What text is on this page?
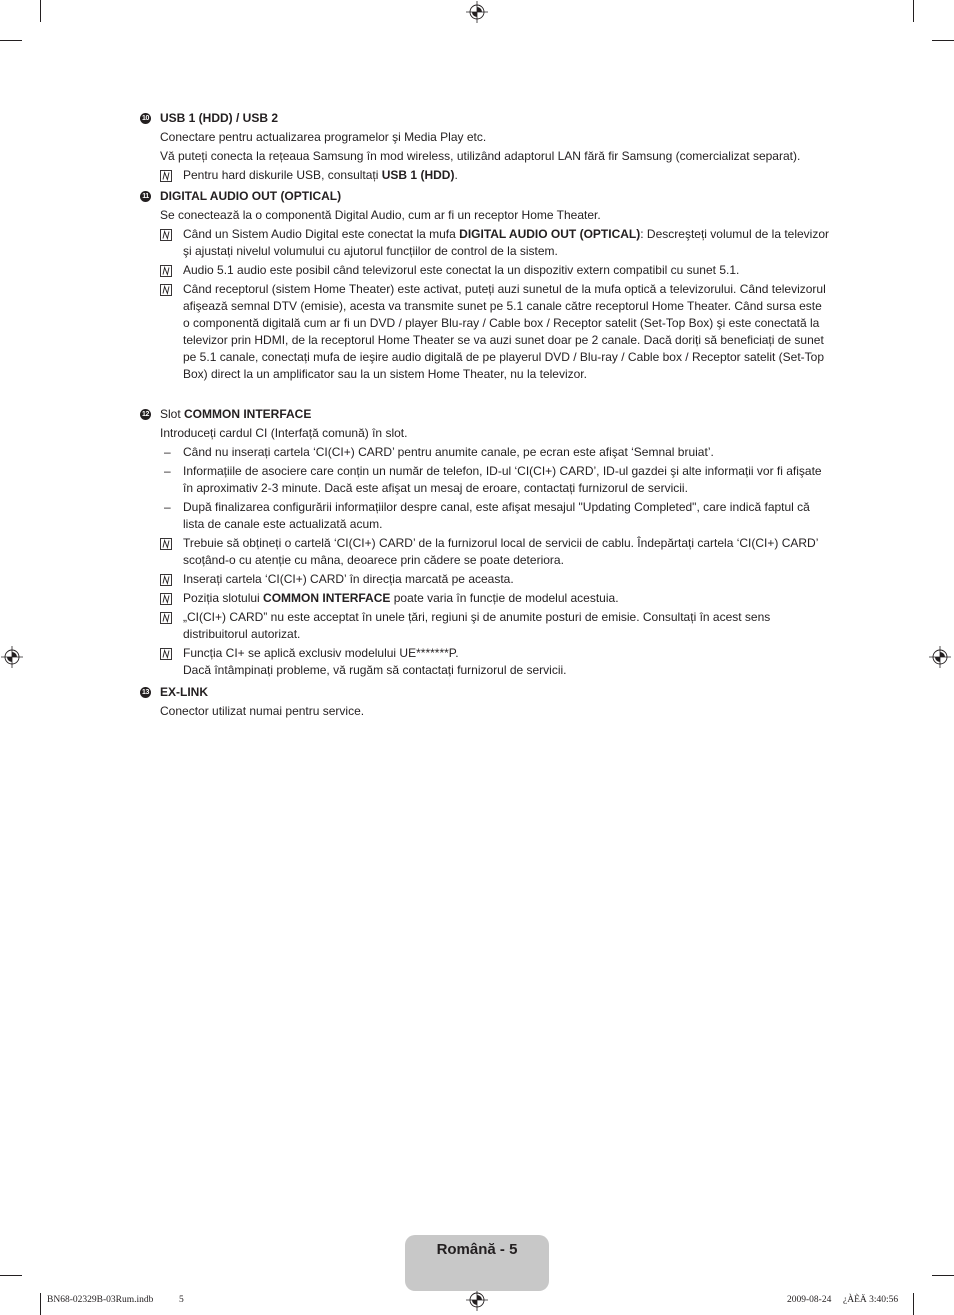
10 USB 1 (HDD) / USB 2
Conectare pentru actualizarea programelor şi Media Play etc.
Vă puteți conecta la rețeaua Samsung în mod wireless, utilizând adaptorul LAN fără fir Samsung (comercializat separat).
Pentru hard diskurile USB, consultați USB 1 (HDD).
11 DIGITAL AUDIO OUT (OPTICAL)
Se conectează la o componentă Digital Audio, cum ar fi un receptor Home Theater.
Când un Sistem Audio Digital este conectat la mufa DIGITAL AUDIO OUT (OPTICAL): Descreşteți volumul de la televizor
şi ajustați nivelul volumului cu ajutorul funcțiilor de control de la sistem.
Audio 5.1 audio este posibil când televizorul este conectat la un dispozitiv extern compatibil cu sunet 5.1.
Când receptorul (sistem Home Theater) este activat, puteți auzi sunetul de la mufa optică a televizorului. Când televizorul
afişează semnal DTV (emisie), acesta va transmite sunet pe 5.1 canale către receptorul Home Theater. Când sursa este
o componentă digitală cum ar fi un DVD / player Blu-ray / Cable box / Receptor satelit (Set-Top Box) şi este conectată la
televizor prin HDMI, de la receptorul Home Theater se va auzi sunet doar pe 2 canale. Dacă doriți să beneficiați de sunet
pe 5.1 canale, conectați mufa de ieşire audio digitală de pe playerul DVD / Blu-ray / Cable box / Receptor satelit (Set-Top
Box) direct la un amplificator sau la un sistem Home Theater, nu la televizor.
12 Slot COMMON INTERFACE
Introduceți cardul CI (Interfață comună) în slot.
– Când nu inserați cartela ‘CI(CI+) CARD’ pentru anumite canale, pe ecran este afişat ‘Semnal bruiat’.
– Informațiile de asociere care conțin un număr de telefon, ID-ul ‘CI(CI+) CARD’, ID-ul gazdei şi alte informații vor fi afişate
în aproximativ 2-3 minute. Dacă este afişat un mesaj de eroare, contactați furnizorul de servicii.
– După finalizarea configurării informațiilor despre canal, este afişat mesajul "Updating Completed", care indică faptul că
lista de canale este actualizată acum.
Trebuie să obțineți o cartelă ‘CI(CI+) CARD’ de la furnizorul local de servicii de cablu. Îndepărtați cartela ‘CI(CI+) CARD’
scoțând-o cu atenție cu mâna, deoarece prin cădere se poate deteriora.
Inserați cartela ‘CI(CI+) CARD’ în direcția marcată pe aceasta.
Poziția slotului COMMON INTERFACE poate varia în funcție de modelul acestuia.
„CI(CI+) CARD” nu este acceptat în unele țări, regiuni şi de anumite posturi de emisie. Consultați în acest sens
distribuitorul autorizat.
Funcția CI+ se aplică exclusiv modelului UE*******P.
Dacă întâmpinați probleme, vă rugăm să contactați furnizorul de servicii.
13 EX-LINK
Conector utilizat numai pentru service.
Română - 5
BN68-02329B-03Rum.indb	5	2009-08-24 ¿ÀÈÄ 3:40:56
